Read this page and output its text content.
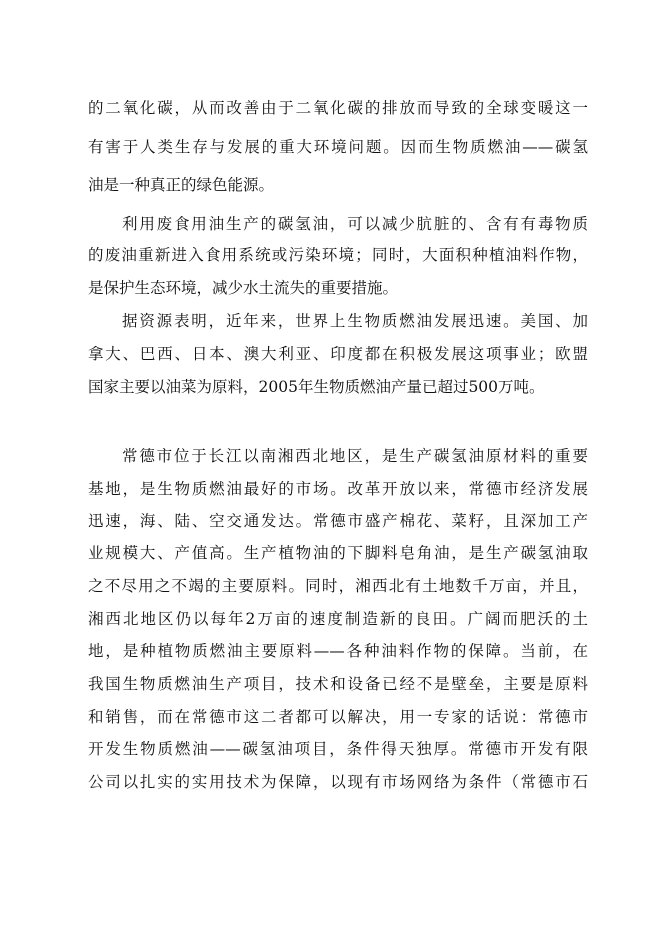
的二氧化碳，从而改善由于二氧化碳的排放而导致的全球变暖这一
有害于人类生存与发展的重大环境问题。因而生物质燃油——碳氢
油是一种真正的绿色能源。
利用废食用油生产的碳氢油，可以减少肮脏的、含有有毒物质
的废油重新进入食用系统或污染环境；同时，大面积种植油料作物，
是保护生态环境，减少水土流失的重要措施。
据资源表明，近年来，世界上生物质燃油发展迅速。美国、加
拿大、巴西、日本、澳大利亚、印度都在积极发展这项事业；欧盟
国家主要以油菜为原料，2005年生物质燃油产量已超过500万吨。
常德市位于长江以南湘西北地区，是生产碳氢油原材料的重要
基地，是生物质燃油最好的市场。改革开放以来，常德市经济发展
迅速，海、陆、空交通发达。常德市盛产棉花、菜籽，且深加工产
业规模大、产值高。生产植物油的下脚料皂角油，是生产碳氢油取
之不尽用之不竭的主要原料。同时，湘西北有土地数千万亩，并且，
湘西北地区仍以每年2万亩的速度制造新的良田。广阔而肥沃的土
地，是种植物质燃油主要原料——各种油料作物的保障。当前，在
我国生物质燃油生产项目，技术和设备已经不是壁垒，主要是原料
和销售，而在常德市这二者都可以解决，用一专家的话说：常德市
开发生物质燃油——碳氢油项目，条件得天独厚。常德市开发有限
公司以扎实的实用技术为保障，以现有市场网络为条件（常德市石
